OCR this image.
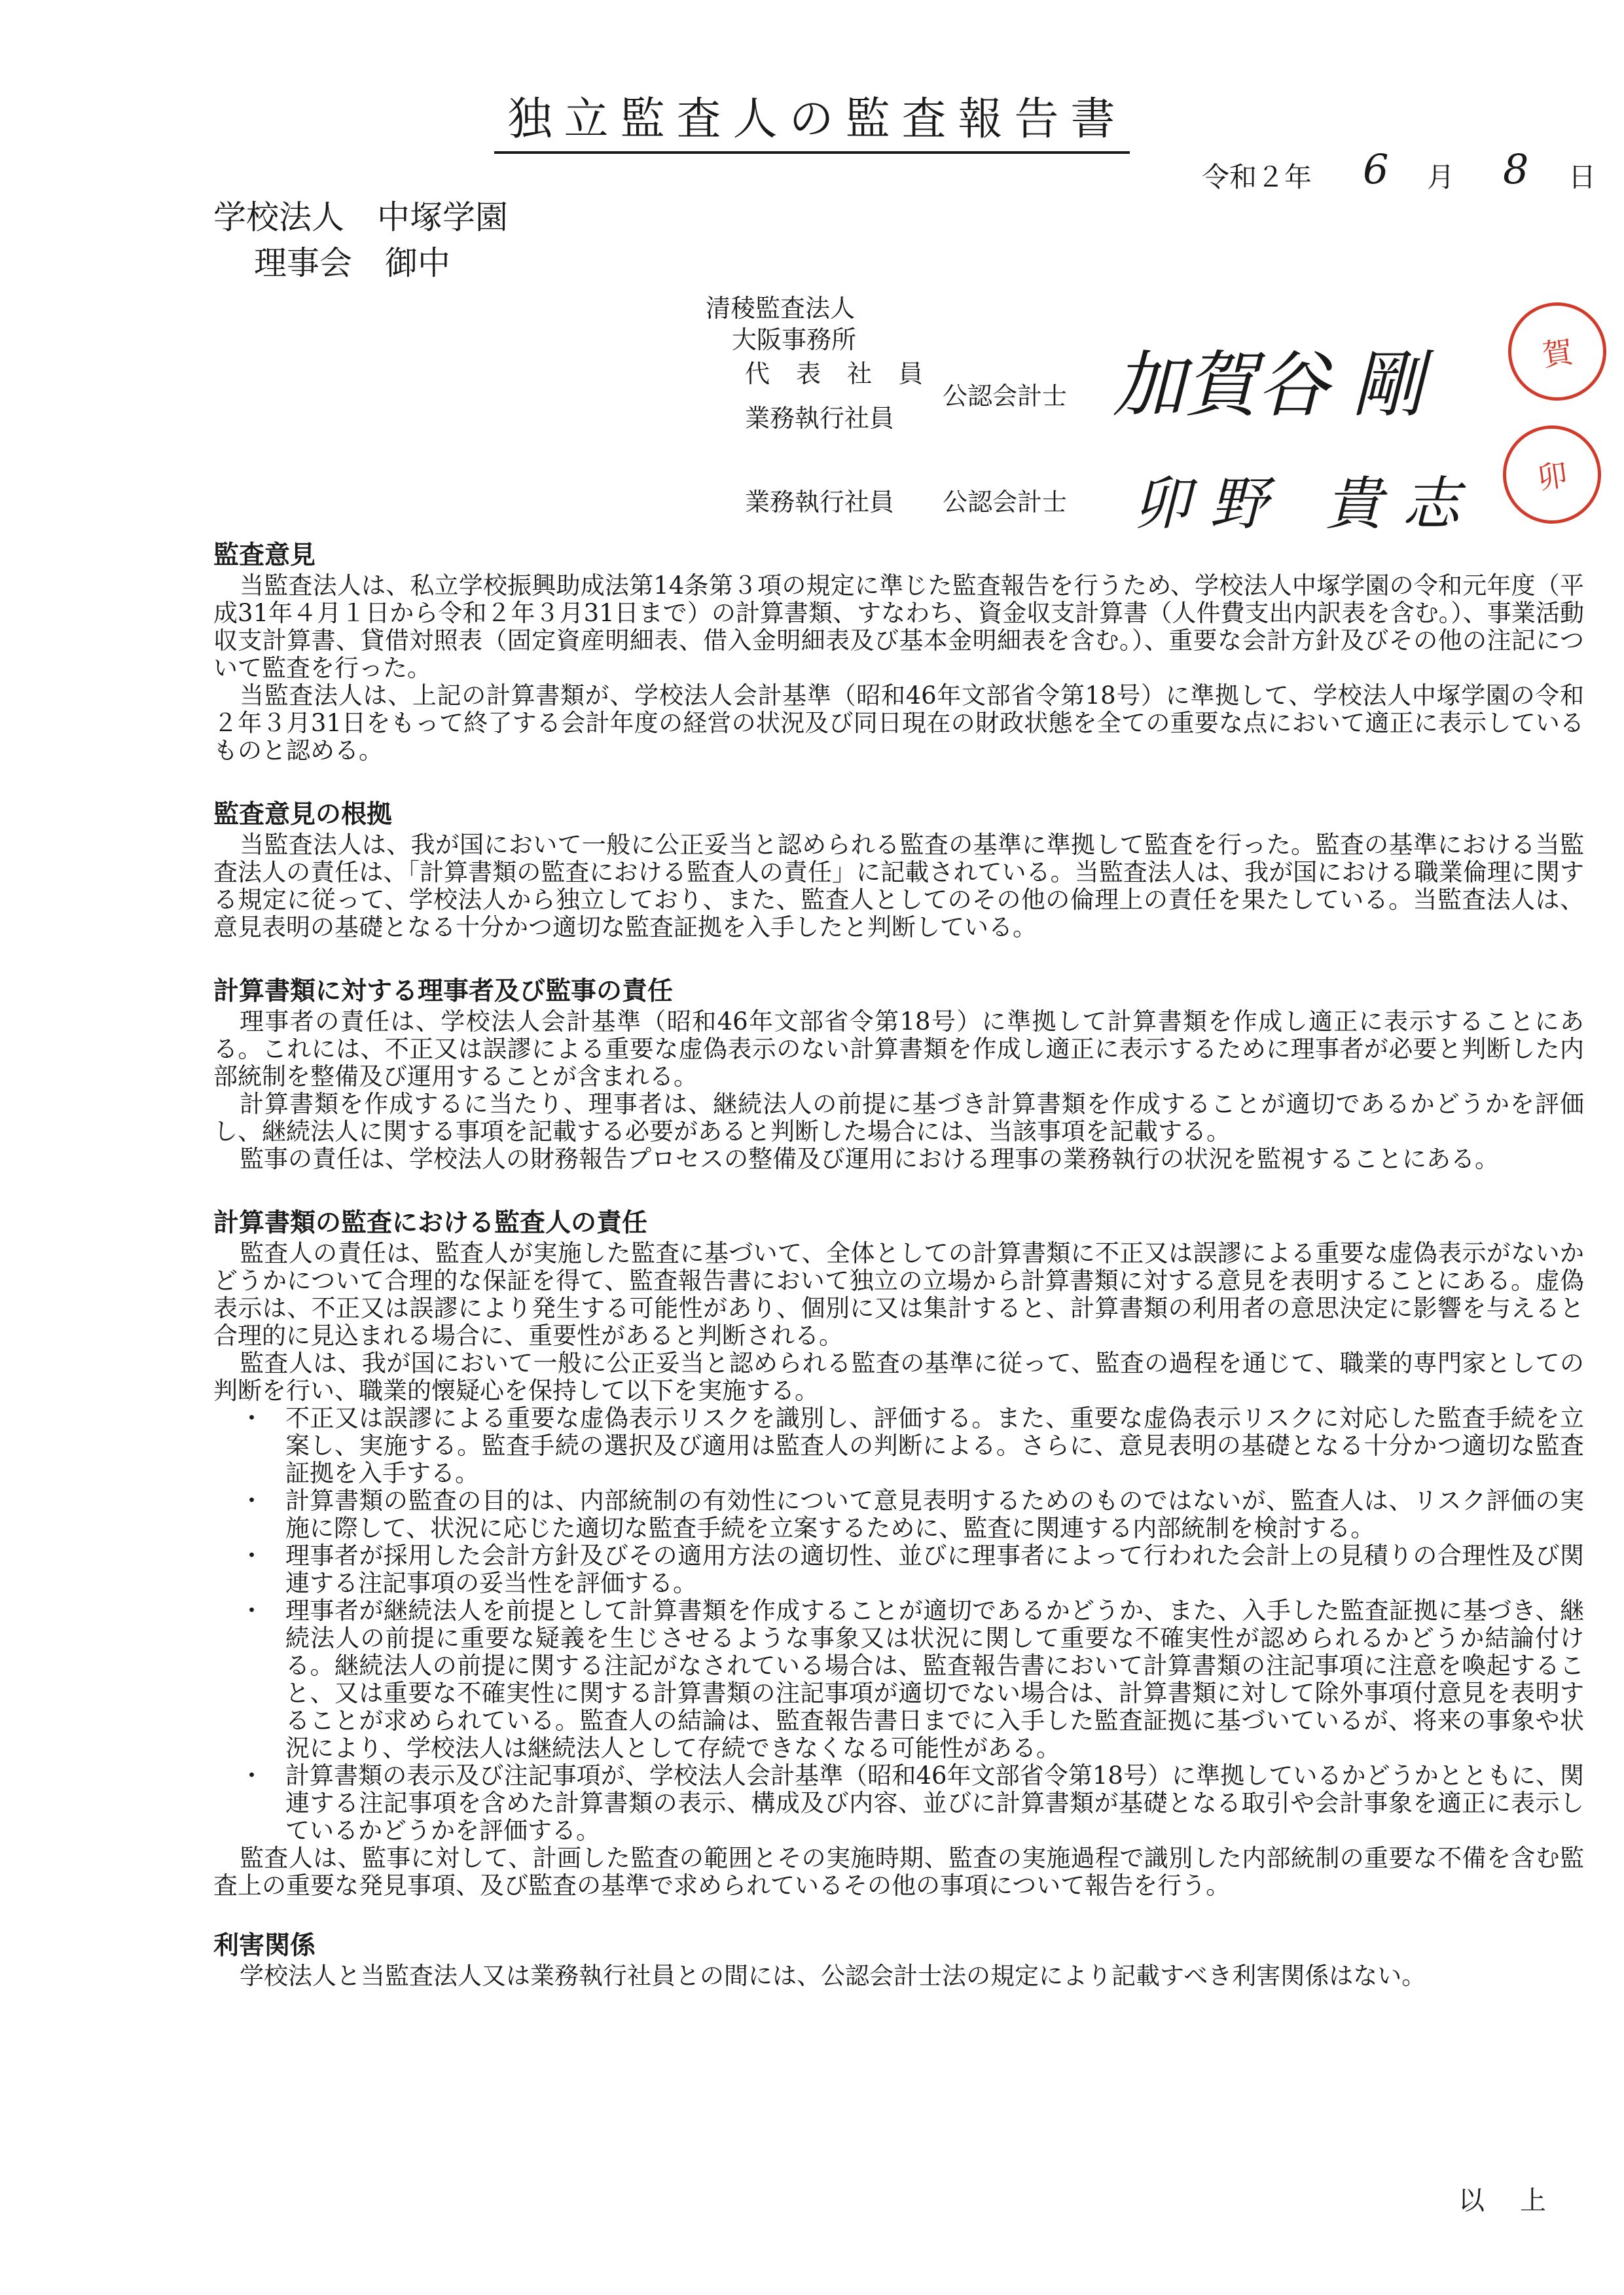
独立監査人の監査報告書
令和２年 6 月 8 日
学校法人　中塚学園
理事会　御中
清稜監査法人
大阪事務所
代 表 社 員
公認会計士
業務執行社員
業務執行社員 公認会計士
加賀谷 剛
卯野 貴志
賀
卯
監査意見

当監査法人は、私立学校振興助成法第14条第３項の規定に準じた監査報告を行うため、学校法人中塚学園の令和元年度（平成31年４月１日から令和２年３月31日まで）の計算書類、すなわち、資金収支計算書（人件費支出内訳表を含む。）、事業活動収支計算書、貸借対照表（固定資産明細表、借入金明細表及び基本金明細表を含む。）、重要な会計方針及びその他の注記について監査を行った。

当監査法人は、上記の計算書類が、学校法人会計基準（昭和46年文部省令第18号）に準拠して、学校法人中塚学園の令和２年３月31日をもって終了する会計年度の経営の状況及び同日現在の財政状態を全ての重要な点において適正に表示しているものと認める。

監査意見の根拠

当監査法人は、我が国において一般に公正妥当と認められる監査の基準に準拠して監査を行った。監査の基準における当監査法人の責任は、「計算書類の監査における監査人の責任」に記載されている。当監査法人は、我が国における職業倫理に関する規定に従って、学校法人から独立しており、また、監査人としてのその他の倫理上の責任を果たしている。当監査法人は、意見表明の基礎となる十分かつ適切な監査証拠を入手したと判断している。

計算書類に対する理事者及び監事の責任

理事者の責任は、学校法人会計基準（昭和46年文部省令第18号）に準拠して計算書類を作成し適正に表示することにある。これには、不正又は誤謬による重要な虚偽表示のない計算書類を作成し適正に表示するために理事者が必要と判断した内部統制を整備及び運用することが含まれる。

計算書類を作成するに当たり、理事者は、継続法人の前提に基づき計算書類を作成することが適切であるかどうかを評価し、継続法人に関する事項を記載する必要があると判断した場合には、当該事項を記載する。

監事の責任は、学校法人の財務報告プロセスの整備及び運用における理事の業務執行の状況を監視することにある。

計算書類の監査における監査人の責任

監査人の責任は、監査人が実施した監査に基づいて、全体としての計算書類に不正又は誤謬による重要な虚偽表示がないかどうかについて合理的な保証を得て、監査報告書において独立の立場から計算書類に対する意見を表明することにある。虚偽表示は、不正又は誤謬により発生する可能性があり、個別に又は集計すると、計算書類の利用者の意思決定に影響を与えると合理的に見込まれる場合に、重要性があると判断される。

監査人は、我が国において一般に公正妥当と認められる監査の基準に従って、監査の過程を通じて、職業的専門家としての判断を行い、職業的懐疑心を保持して以下を実施する。

・ 不正又は誤謬による重要な虚偽表示リスクを識別し、評価する。また、重要な虚偽表示リスクに対応した監査手続を立案し、実施する。監査手続の選択及び適用は監査人の判断による。さらに、意見表明の基礎となる十分かつ適切な監査証拠を入手する。

・ 計算書類の監査の目的は、内部統制の有効性について意見表明するためのものではないが、監査人は、リスク評価の実施に際して、状況に応じた適切な監査手続を立案するために、監査に関連する内部統制を検討する。

・ 理事者が採用した会計方針及びその適用方法の適切性、並びに理事者によって行われた会計上の見積りの合理性及び関連する注記事項の妥当性を評価する。

・ 理事者が継続法人を前提として計算書類を作成することが適切であるかどうか、また、入手した監査証拠に基づき、継続法人の前提に重要な疑義を生じさせるような事象又は状況に関して重要な不確実性が認められるかどうか結論付ける。継続法人の前提に関する注記がなされている場合は、監査報告書において計算書類の注記事項に注意を喚起すること、又は重要な不確実性に関する計算書類の注記事項が適切でない場合は、計算書類に対して除外事項付意見を表明することが求められている。監査人の結論は、監査報告書日までに入手した監査証拠に基づいているが、将来の事象や状況により、学校法人は継続法人として存続できなくなる可能性がある。

・ 計算書類の表示及び注記事項が、学校法人会計基準（昭和46年文部省令第18号）に準拠しているかどうかとともに、関連する注記事項を含めた計算書類の表示、構成及び内容、並びに計算書類が基礎となる取引や会計事象を適正に表示しているかどうかを評価する。

監査人は、監事に対して、計画した監査の範囲とその実施時期、監査の実施過程で識別した内部統制の重要な不備を含む監査上の重要な発見事項、及び監査の基準で求められているその他の事項について報告を行う。

利害関係

学校法人と当監査法人又は業務執行社員との間には、公認会計士法の規定により記載すべき利害関係はない。

以上
